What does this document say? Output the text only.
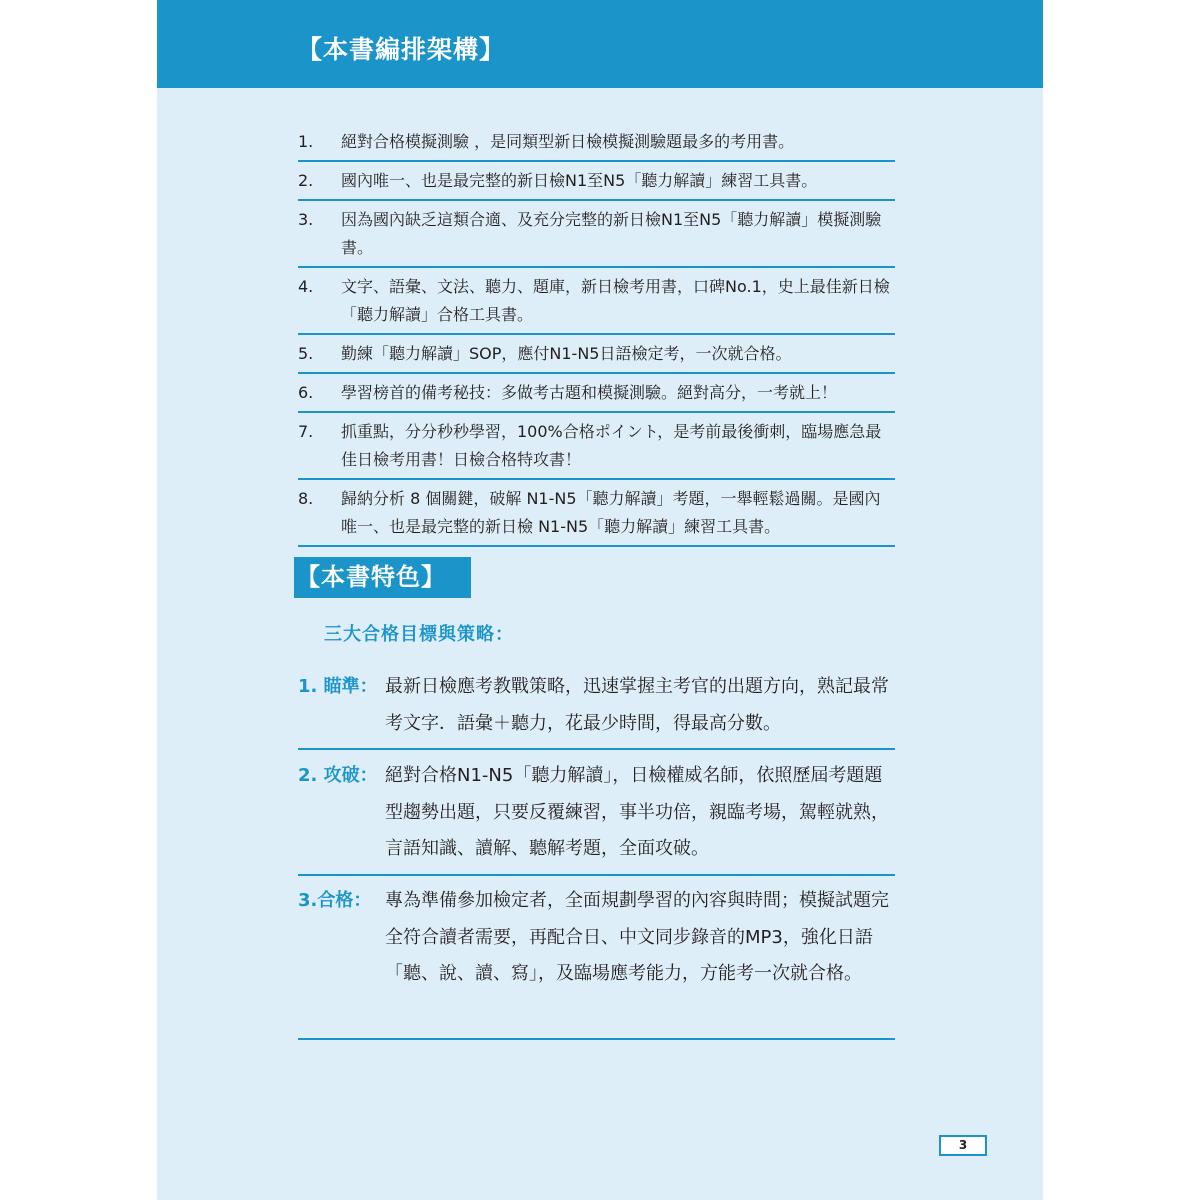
【本書編排架構】
1.	絕對合格模擬測驗 ，是同類型新日檢模擬測驗題最多的考用書。
2.	國內唯一、也是最完整的新日檢N1至N5「聽力解讀」練習工具書。
3.	因為國內缺乏這類合適、及充分完整的新日檢N1至N5「聽力解讀」模擬測驗書。
4.	文字、語彙、文法、聽力、題庫，新日檢考用書，口碑No.1，史上最佳新日檢「聽力解讀」合格工具書。
5.	勤練「聽力解讀」SOP，應付N1-N5日語檢定考，一次就合格。
6.	學習榜首的備考秘技：多做考古題和模擬測驗。絕對高分，一考就上！
7.	抓重點，分分秒秒學習，100%合格ポイント，是考前最後衝刺，臨場應急最佳日檢考用書！日檢合格特攻書！
8.	歸納分析 8 個關鍵，破解 N1-N5「聽力解讀」考題，一舉輕鬆過關。是國內唯一、也是最完整的新日檢 N1-N5「聽力解讀」練習工具書。
【本書特色】
三大合格目標與策略：
1. 瞄準： 最新日檢應考教戰策略，迅速掌握主考官的出題方向，熟記最常考文字．語彙＋聽力，花最少時間，得最高分數。
2. 攻破： 絕對合格N1-N5「聽力解讀」，日檢權威名師，依照歷屆考題題型趨勢出題，只要反覆練習，事半功倍，親臨考場，駕輕就熟，言語知識、讀解、聽解考題，全面攻破。
3.合格： 專為準備參加檢定者，全面規劃學習的內容與時間；模擬試題完全符合讀者需要，再配合日、中文同步錄音的MP3，強化日語「聽、說、讀、寫」，及臨場應考能力，方能考一次就合格。
3
